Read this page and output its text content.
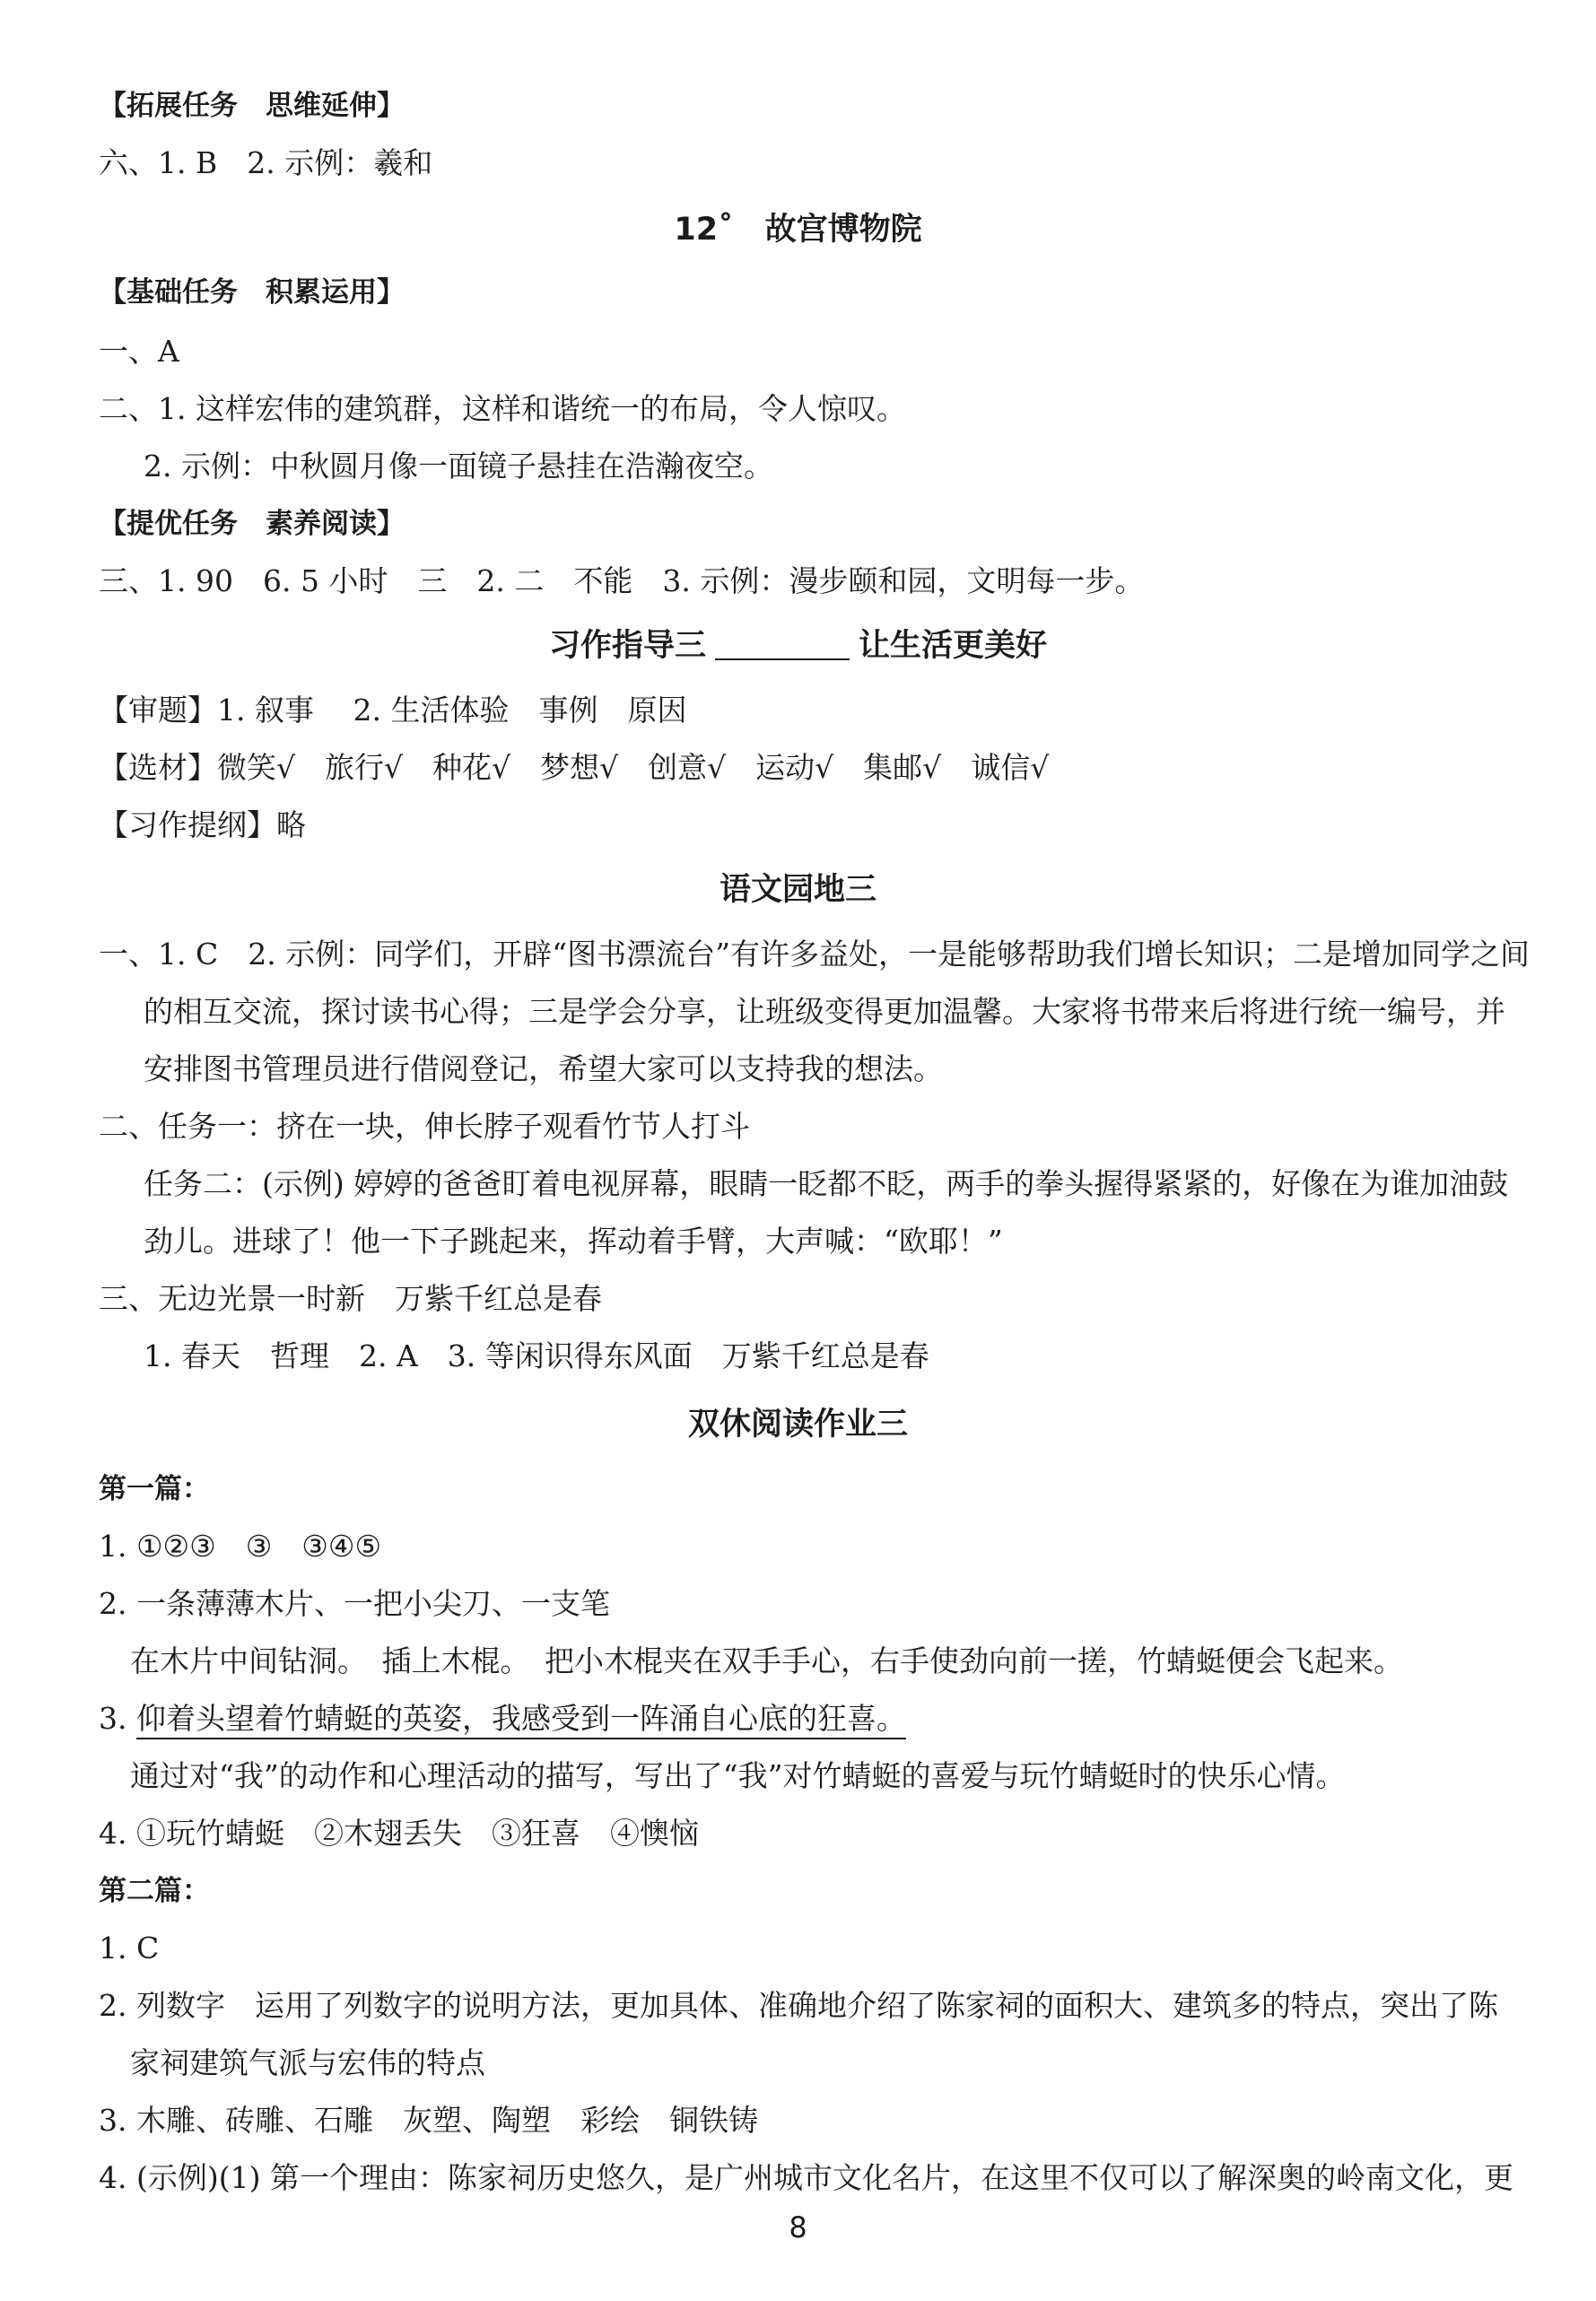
【拓展任务　思维延伸】
六、1. B　2. 示例：羲和
12˚　故宫博物院
【基础任务　积累运用】
一、A
二、1. 这样宏伟的建筑群，这样和谐统一的布局，令人惊叹。
2. 示例：中秋圆月像一面镜子悬挂在浩瀚夜空。
【提优任务　素养阅读】
三、1. 90　6. 5 小时　三　2. 二　不能　3. 示例：漫步颐和园，文明每一步。
习作指导三	让生活更美好
【审题】1. 叙事　 2. 生活体验　事例　原因
【选材】微笑√　旅行√　种花√　梦想√　创意√　运动√　集邮√　诚信√
【习作提纲】略
语文园地三
一、1. C　2. 示例：同学们，开辟“图书漂流台”有许多益处，一是能够帮助我们增长知识；二是增加同学之间
的相互交流，探讨读书心得；三是学会分享，让班级变得更加温馨。大家将书带来后将进行统一编号，并
安排图书管理员进行借阅登记，希望大家可以支持我的想法。
二、任务一：挤在一块，伸长脖子观看竹节人打斗
任务二：(示例) 婷婷的爸爸盯着电视屏幕，眼睛一眨都不眨，两手的拳头握得紧紧的，好像在为谁加油鼓
劲儿。进球了！他一下子跳起来，挥动着手臂，大声喊：“欧耶！”
三、无边光景一时新　万紫千红总是春
1. 春天　哲理　2. A　3. 等闲识得东风面　万紫千红总是春
双休阅读作业三
第一篇：
1. ①②③　③　③④⑤
2. 一条薄薄木片、一把小尖刀、一支笔
在木片中间钻洞。　插上木棍。　把小木棍夹在双手手心，右手使劲向前一搓，竹蜻蜓便会飞起来。
3. 仰着头望着竹蜻蜓的英姿，我感受到一阵涌自心底的狂喜。
通过对“我”的动作和心理活动的描写，写出了“我”对竹蜻蜓的喜爱与玩竹蜻蜓时的快乐心情。
4. ①玩竹蜻蜓　②木翅丢失　③狂喜　④懊恼
第二篇：
1. C
2. 列数字　运用了列数字的说明方法，更加具体、准确地介绍了陈家祠的面积大、建筑多的特点，突出了陈
家祠建筑气派与宏伟的特点
3. 木雕、砖雕、石雕　灰塑、陶塑　彩绘　铜铁铸
4. (示例)(1) 第一个理由：陈家祠历史悠久，是广州城市文化名片，在这里不仅可以了解深奥的岭南文化，更
8
